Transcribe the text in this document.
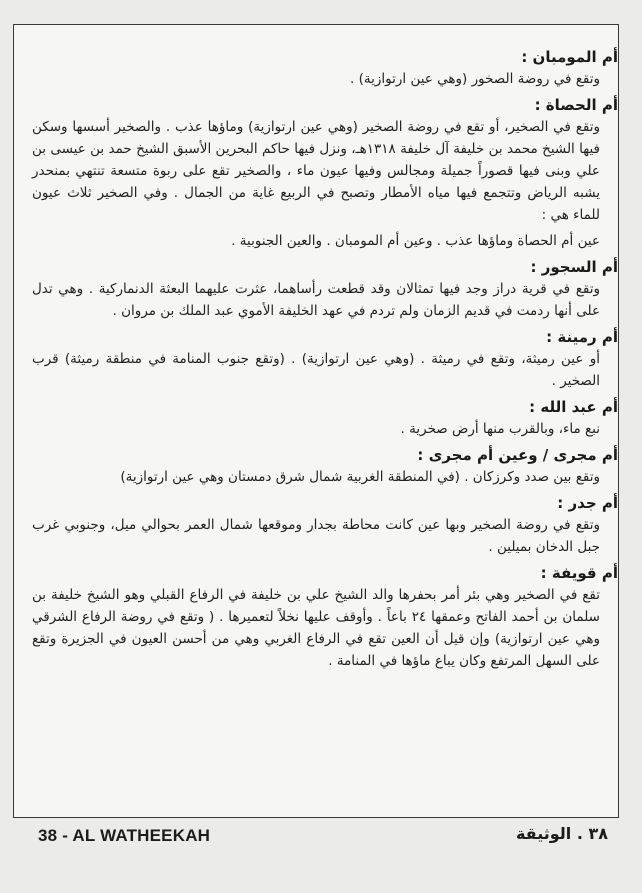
أم المومبان :

وتقع في روضة الصخور (وهي عين ارتوازية) .

أم الحصاة :

وتقع في الصخير، أو تقع في روضة الصخير (وهي عين ارتوازية) وماؤها عذب . والصخير أسسها وسكن فيها الشيخ محمد بن خليفة آل خليفة ١٣١٨هـ، ونزل فيها حاكم البحرين الأسبق الشيخ حمد بن عيسى بن علي وبنى فيها قصوراً جميلة ومجالس وفيها عيون ماء ، والصخير تقع على ربوة متسعة تنتهي بمنحدر يشبه الرياض وتتجمع فيها مياه الأمطار وتصبح في الربيع غاية من الجمال . وفي الصخير ثلاث عيون للماء هي :

عين أم الحصاة وماؤها عذب . وعين أم المومبان . والعين الجنوبية .

أم السجور :

وتقع في قرية دراز وجد فيها تمثالان وقد قطعت رأساهما، عثرت عليهما البعثة الدنماركية . وهي تدل على أنها ردمت في قديم الزمان ولم تردم في عهد الخليفة الأموي عبد الملك بن مروان .

أم رمينة :

أو عين رميثة، وتقع في رميثة . (وهي عين ارتوازية) . (وتقع جنوب المنامة في منطقة رميثة) قرب الصخير .

أم عبد الله :

نبع ماء، وبالقرب منها أرض صخرية .

أم مجرى / وعين أم مجرى :

وتقع بين صدد وكرزكان . (في المنطقة الغربية شمال شرق دمستان وهي عين ارتوازية)

أم جدر :

وتقع في روضة الصخير وبها عين كانت محاطة بجدار وموقعها شمال العمر بحوالي ميل، وجنوبي غرب جبل الدخان بميلين .

أم قويفة :

تقع في الصخير وهي بئر أمر بحفرها والد الشيخ علي بن خليفة في الرفاع القبلي وهو الشيخ خليفة بن سلمان بن أحمد الفاتح وعمقها ٢٤ باعاً . وأوقف عليها نخلاً لتعميرها . ( وتقع في روضة الرفاع الشرقي وهي عين ارتوازية) وإن قيل أن العين تقع في الرفاع الغربي وهي من أحسن العيون في الجزيرة وتقع على السهل المرتفع وكان يباع ماؤها في المنامة .

38 - AL WATHEEKAH	٣٨ . الوثيقة
